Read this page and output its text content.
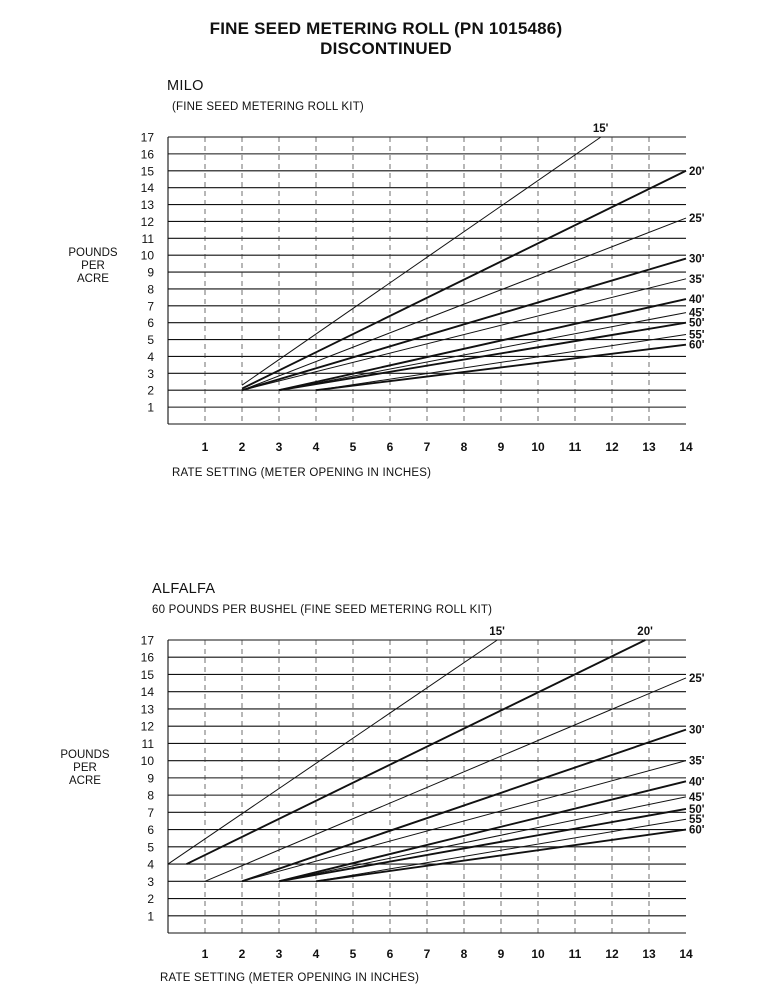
FINE SEED METERING ROLL (PN 1015486)
DISCONTINUED
MILO
(FINE SEED METERING ROLL KIT)
POUNDS
PER
ACRE
1
2
3
4
5
6
7
8
9
10
11
12
13
14
15
16
17
1	2	3	4	5	6	7	8	9 10 11 12 13 14
15'
20'
25'
30'
35'
40'
45'
50'
55'
60'
RATE SETTING (METER OPENING IN INCHES)
ALFALFA
60 POUNDS PER BUSHEL (FINE SEED METERING ROLL KIT)
POUNDS
PER
ACRE
1
2
3
4
5
6
7
8
9
10
11
12
13
14
15
16
17
1	2	3	4	5	6	7	8	9 10 11 12 13 14
15'	20'
25'
30'
35'
40'
45'
50'
55'
60'
RATE SETTING (METER OPENING IN INCHES)
